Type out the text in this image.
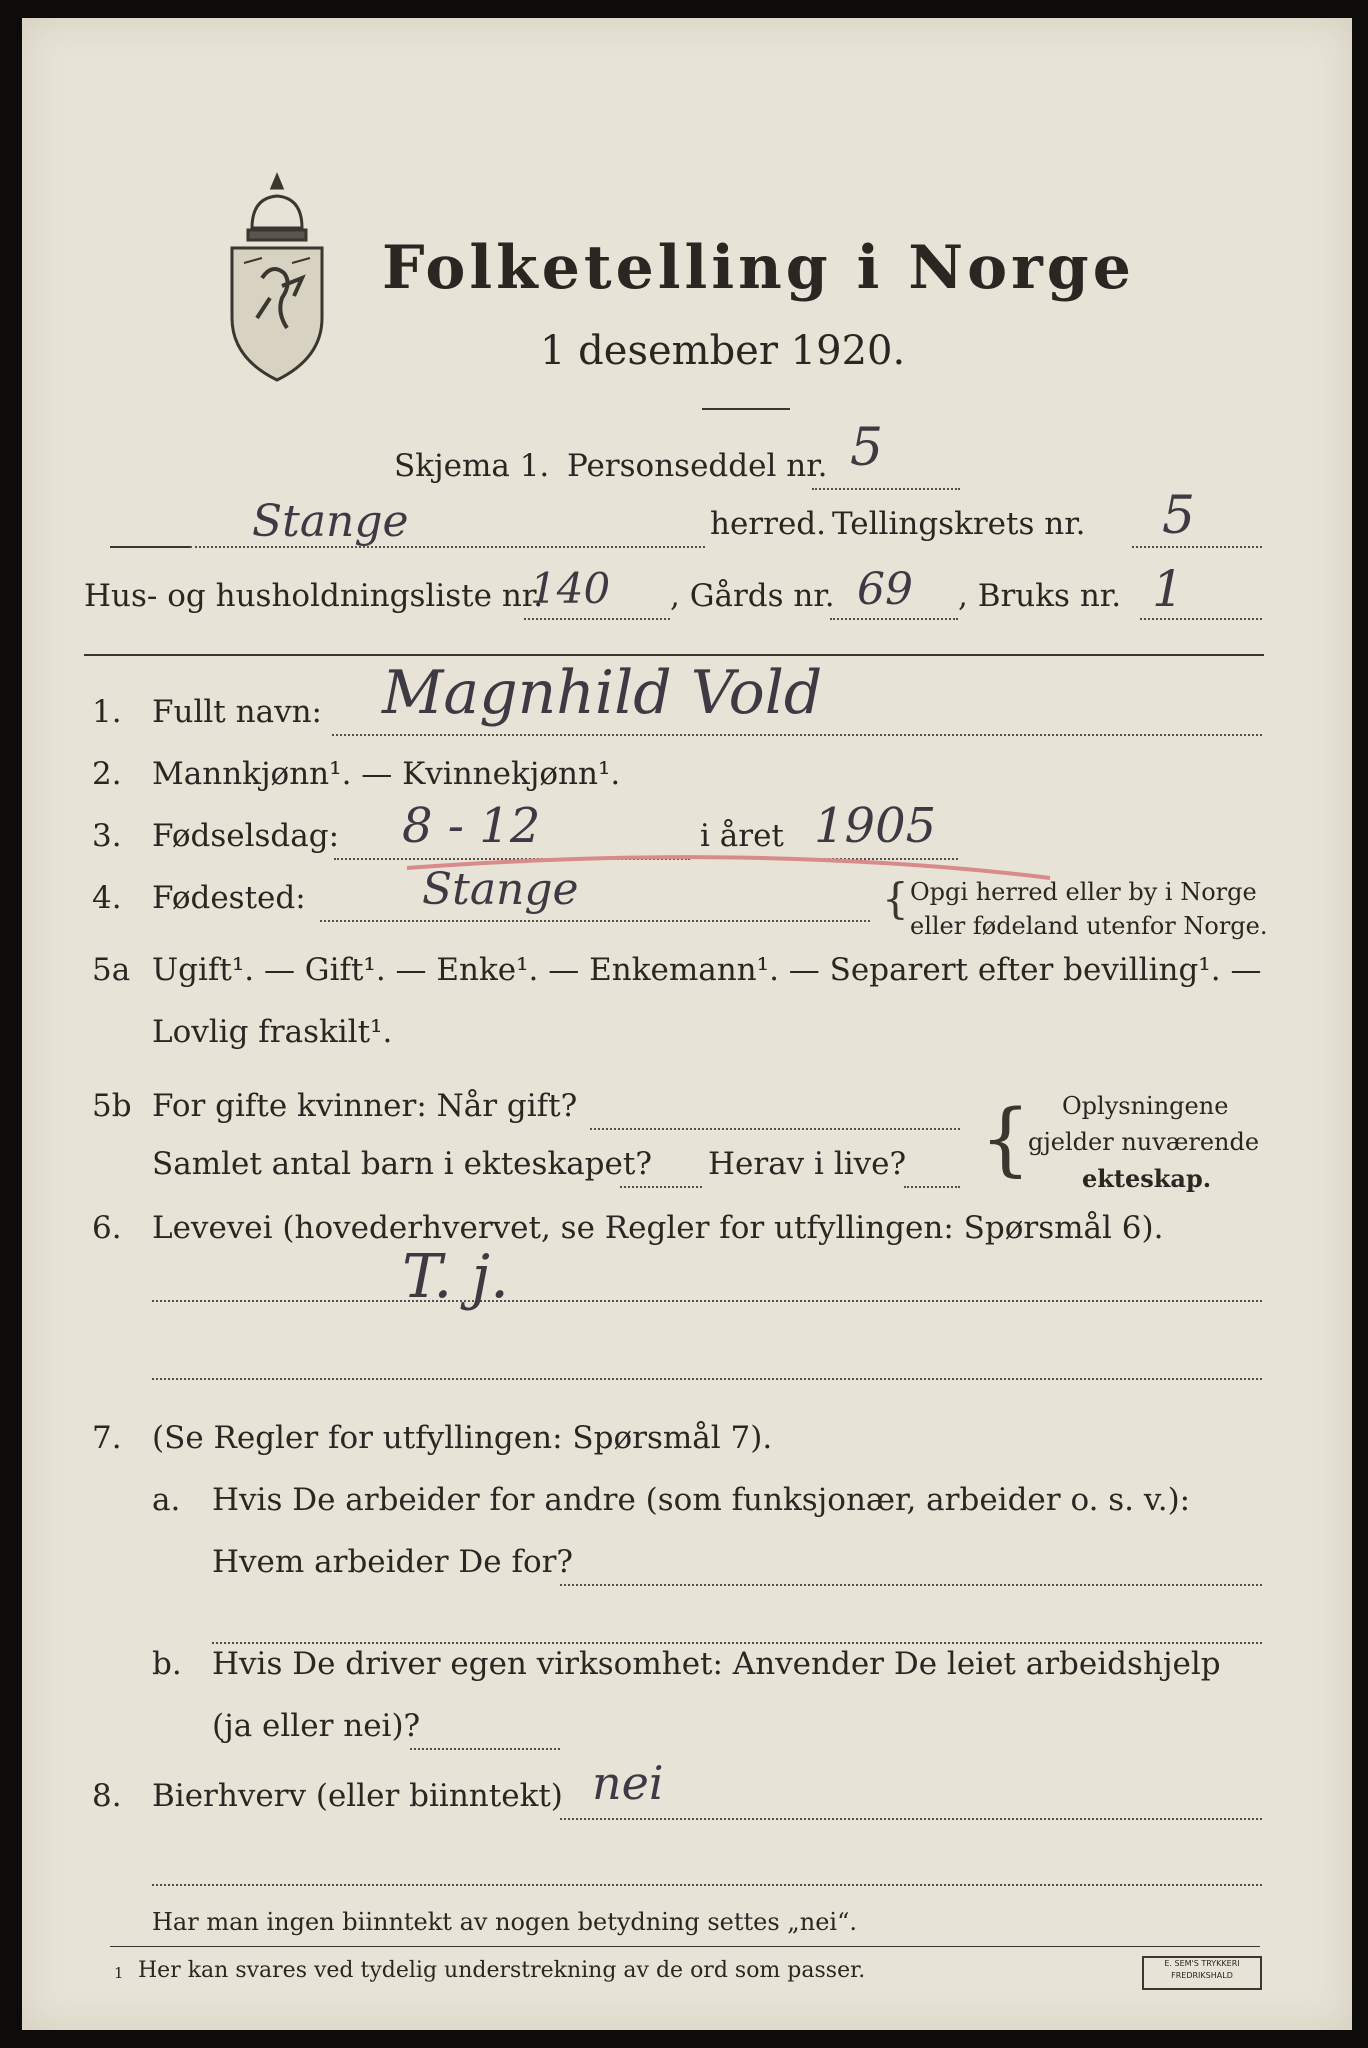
Folketelling i Norge
1 desember 1920.
Skjema 1. Personseddel nr. 5
Stange	herred. Tellingskrets nr. 5
Hus- og husholdningsliste nr.
140 , Gårds nr. 69 , Bruks nr. 1
1. Fullt navn: Magnhild Vold
2. Mannkjønn¹. — Kvinnekjønn¹.
3. Fødselsdag: 8 - 12	i året 1905
4. Fødested:	Stange	{ Opgi herred eller by i Norge
eller fødeland utenfor Norge.
5a Ugift¹. — Gift¹. — Enke¹. — Enkemann¹. — Separert efter bevilling¹. —
Lovlig fraskilt¹.
5b For gifte kvinner: Når gift?
Samlet antal barn i ekteskapet? Herav i live? { Oplysningene
gjelder nuværende
ekteskap.
6. Levevei (hovederhvervet, se Regler for utfyllingen: Spørsmål 6).
T. j.
7. (Se Regler for utfyllingen: Spørsmål 7).
a. Hvis De arbeider for andre (som funksjonær, arbeider o. s. v.):
Hvem arbeider De for?
b. Hvis De driver egen virksomhet: Anvender De leiet arbeidshjelp
(ja eller nei)?
8. Bierhverv (eller biinntekt) nei
Har man ingen biinntekt av nogen betydning settes „nei“.
1 Her kan svares ved tydelig understrekning av de ord som passer.	E. SEM'S TRYKKERI FREDRIKSHALD
